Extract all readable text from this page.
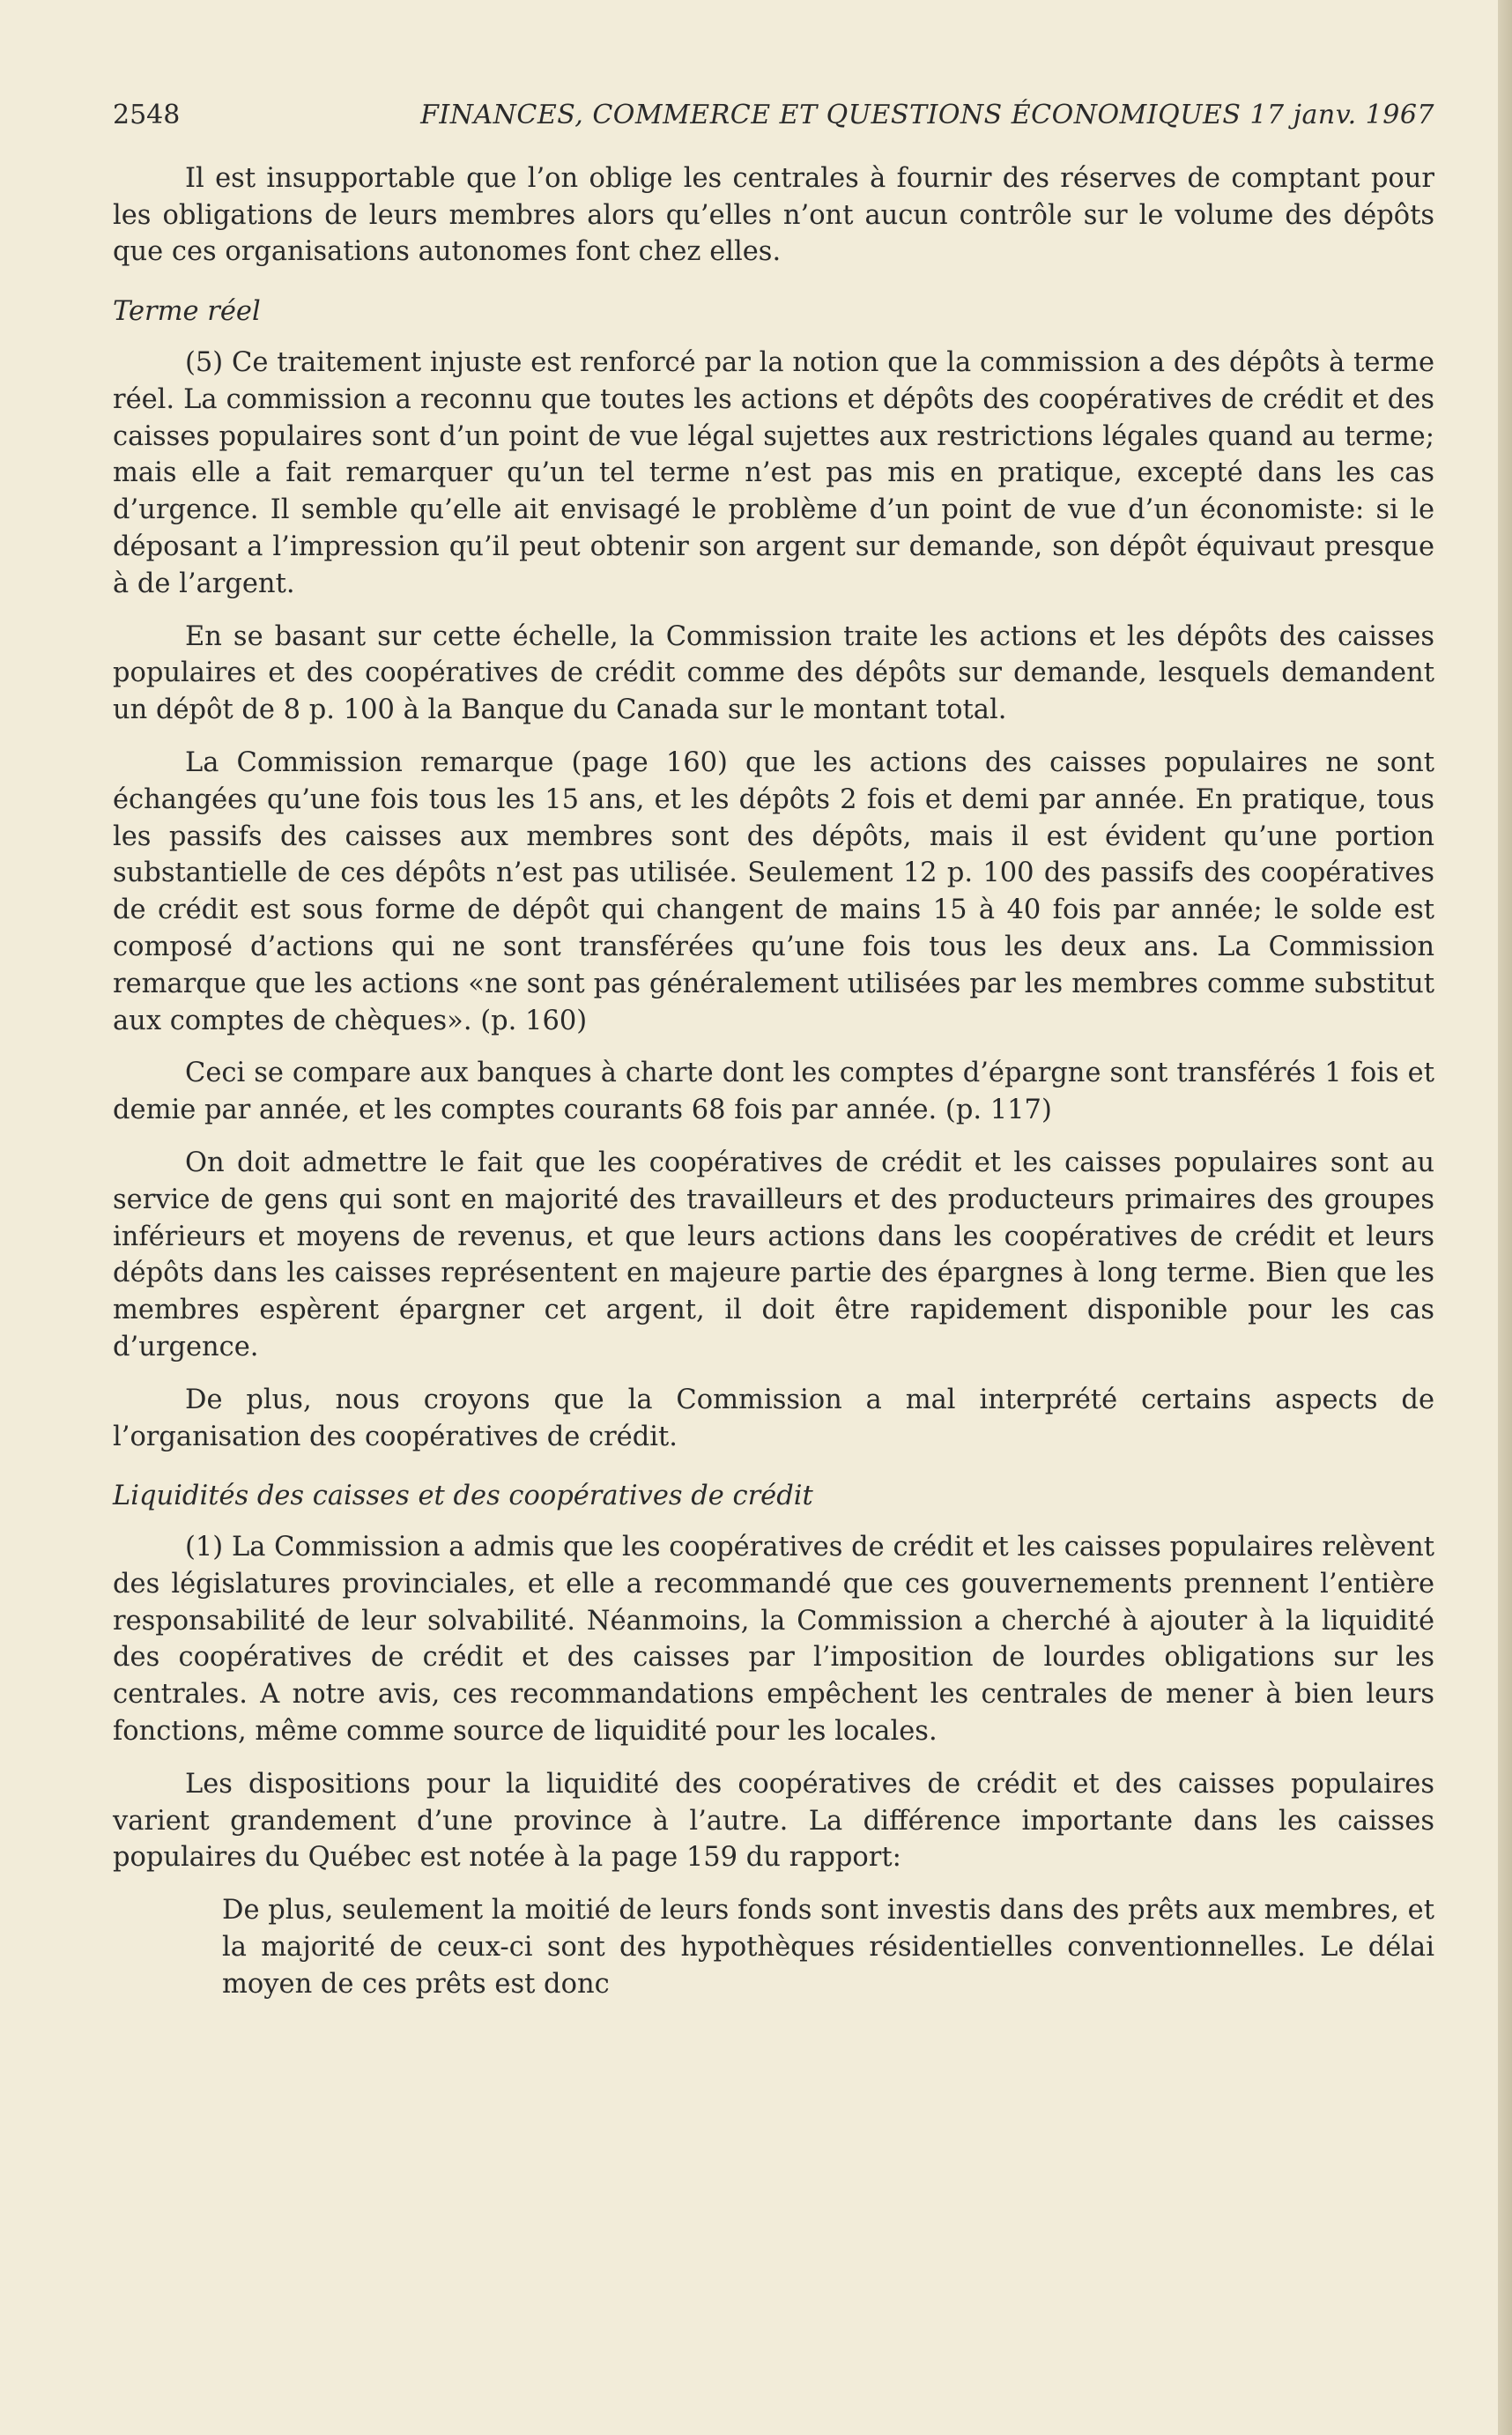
2548	FINANCES, COMMERCE ET QUESTIONS ÉCONOMIQUES 17 janv. 1967

Il est insupportable que l’on oblige les centrales à fournir des réserves de comptant pour les obligations de leurs membres alors qu’elles n’ont aucun contrôle sur le volume des dépôts que ces organisations autonomes font chez elles.

Terme réel

(5) Ce traitement injuste est renforcé par la notion que la commission a des dépôts à terme réel. La commission a reconnu que toutes les actions et dépôts des coopératives de crédit et des caisses populaires sont d’un point de vue légal sujettes aux restrictions légales quand au terme; mais elle a fait remarquer qu’un tel terme n’est pas mis en pratique, excepté dans les cas d’urgence. Il semble qu’elle ait envisagé le problème d’un point de vue d’un économiste: si le déposant a l’impression qu’il peut obtenir son argent sur demande, son dépôt équivaut presque à de l’argent.

En se basant sur cette échelle, la Commission traite les actions et les dépôts des caisses populaires et des coopératives de crédit comme des dépôts sur demande, lesquels demandent un dépôt de 8 p. 100 à la Banque du Canada sur le montant total.

La Commission remarque (page 160) que les actions des caisses populaires ne sont échangées qu’une fois tous les 15 ans, et les dépôts 2 fois et demi par année. En pratique, tous les passifs des caisses aux membres sont des dépôts, mais il est évident qu’une portion substantielle de ces dépôts n’est pas utilisée. Seulement 12 p. 100 des passifs des coopératives de crédit est sous forme de dépôt qui changent de mains 15 à 40 fois par année; le solde est composé d’actions qui ne sont transférées qu’une fois tous les deux ans. La Commission remarque que les actions «ne sont pas généralement utilisées par les membres comme substitut aux comptes de chèques». (p. 160)

Ceci se compare aux banques à charte dont les comptes d’épargne sont transférés 1 fois et demie par année, et les comptes courants 68 fois par année. (p. 117)

On doit admettre le fait que les coopératives de crédit et les caisses populaires sont au service de gens qui sont en majorité des travailleurs et des producteurs primaires des groupes inférieurs et moyens de revenus, et que leurs actions dans les coopératives de crédit et leurs dépôts dans les caisses représentent en majeure partie des épargnes à long terme. Bien que les membres espèrent épargner cet argent, il doit être rapidement disponible pour les cas d’urgence.

De plus, nous croyons que la Commission a mal interprété certains aspects de l’organisation des coopératives de crédit.

Liquidités des caisses et des coopératives de crédit

(1) La Commission a admis que les coopératives de crédit et les caisses populaires relèvent des législatures provinciales, et elle a recommandé que ces gouvernements prennent l’entière responsabilité de leur solvabilité. Néanmoins, la Commission a cherché à ajouter à la liquidité des coopératives de crédit et des caisses par l’imposition de lourdes obligations sur les centrales. A notre avis, ces recommandations empêchent les centrales de mener à bien leurs fonctions, même comme source de liquidité pour les locales.

Les dispositions pour la liquidité des coopératives de crédit et des caisses populaires varient grandement d’une province à l’autre. La différence importante dans les caisses populaires du Québec est notée à la page 159 du rapport:

De plus, seulement la moitié de leurs fonds sont investis dans des prêts aux membres, et la majorité de ceux-ci sont des hypothèques résidentielles conventionnelles. Le délai moyen de ces prêts est donc
